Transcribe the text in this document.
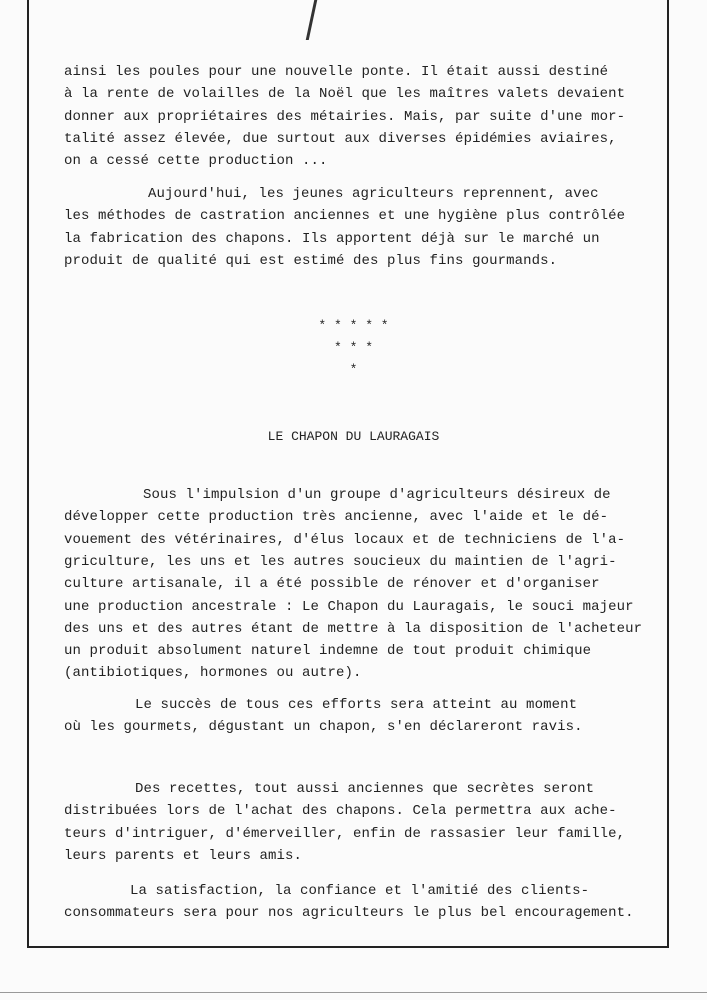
ainsi les poules pour une nouvelle ponte. Il était aussi destiné
à la rente de volailles de la Noël que les maîtres valets devaient
donner aux propriétaires des métairies. Mais, par suite d'une mor-
talité assez élevée, due surtout aux diverses épidémies aviaires,
on a cessé cette production ...
Aujourd'hui, les jeunes agriculteurs reprennent, avec
les méthodes de castration anciennes et une hygiène plus contrôlée
la fabrication des chapons. Ils apportent déjà sur le marché un
produit de qualité qui est estimé des plus fins gourmands.
* * * * *
* * *
*
LE CHAPON DU LAURAGAIS
Sous l'impulsion d'un groupe d'agriculteurs désireux de
développer cette production très ancienne, avec l'aide et le dé-
vouement des vétérinaires, d'élus locaux et de techniciens de l'a-
griculture, les uns et les autres soucieux du maintien de l'agri-
culture artisanale, il a été possible de rénover et d'organiser
une production ancestrale : Le Chapon du Lauragais, le souci majeur
des uns et des autres étant de mettre à la disposition de l'acheteur
un produit absolument naturel indemne de tout produit chimique
(antibiotiques, hormones ou autre).
Le succès de tous ces efforts sera atteint au moment
où les gourmets, dégustant un chapon, s'en déclareront ravis.
Des recettes, tout aussi anciennes que secrètes seront
distribuées lors de l'achat des chapons. Cela permettra aux ache-
teurs d'intriguer, d'émerveiller, enfin de rassasier leur famille,
leurs parents et leurs amis.
La satisfaction, la confiance et l'amitié des clients-
consommateurs sera pour nos agriculteurs le plus bel encouragement.
